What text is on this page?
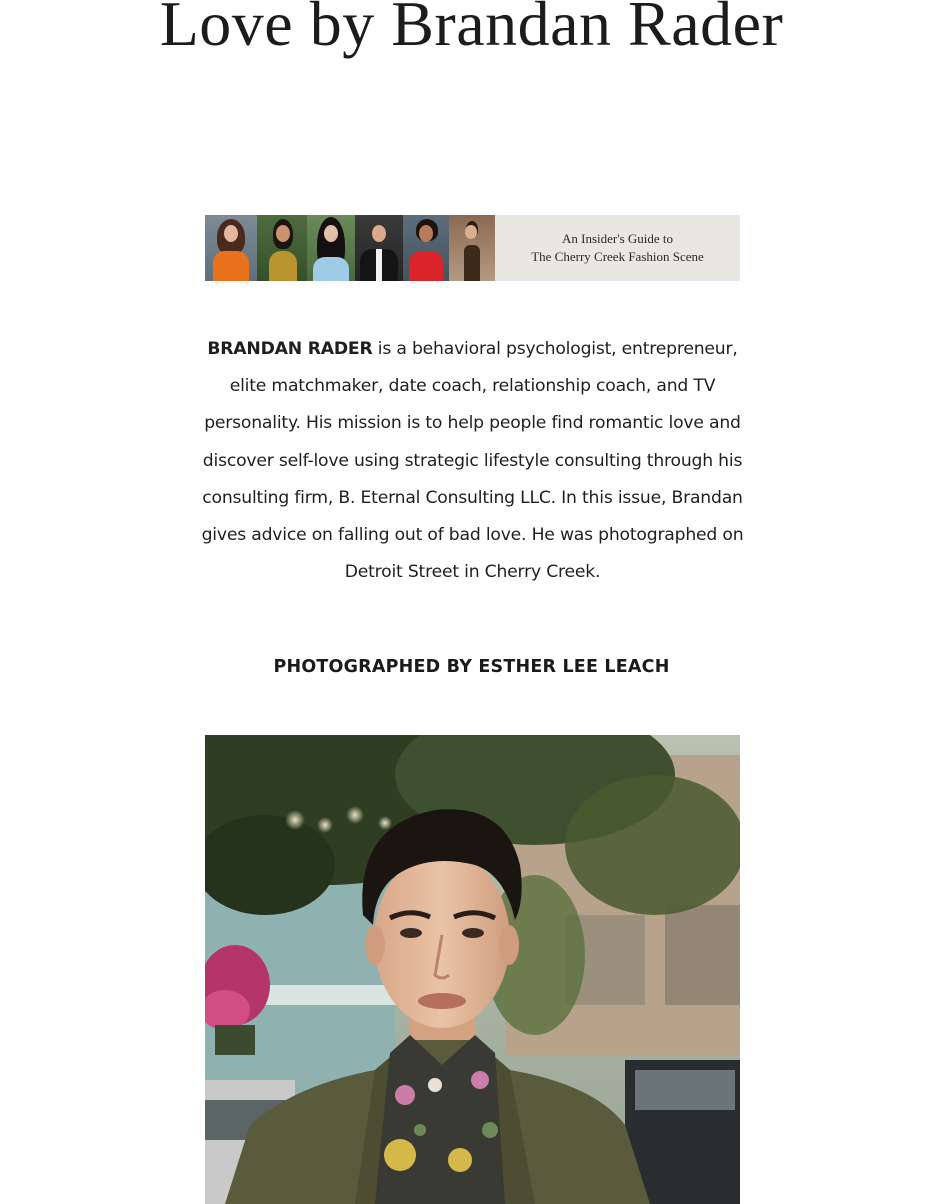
Love by Brandan Rader
An Insider's Guide to
The Cherry Creek Fashion Scene

BRANDAN RADER is a behavioral psychologist, entrepreneur, elite matchmaker, date coach, relationship coach, and TV personality. His mission is to help people find romantic love and discover self-love using strategic lifestyle consulting through his consulting firm, B. Eternal Consulting LLC. In this issue, Brandan gives advice on falling out of bad love. He was photographed on Detroit Street in Cherry Creek.

PHOTOGRAPHED BY ESTHER LEE LEACH
